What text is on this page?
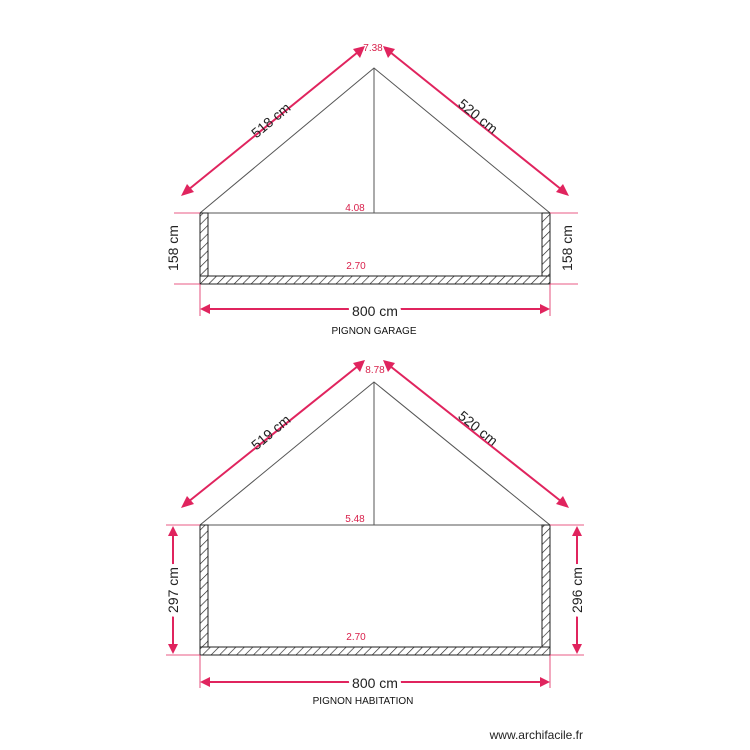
518 cm	520 cm
158 cm	158 cm
800 cm
7.38
4.08
2.70
PIGNON GARAGE
519 cm	520 cm
297 cm	296 cm
800 cm
8.78
5.48
2.70
PIGNON HABITATION
www.archifacile.fr
